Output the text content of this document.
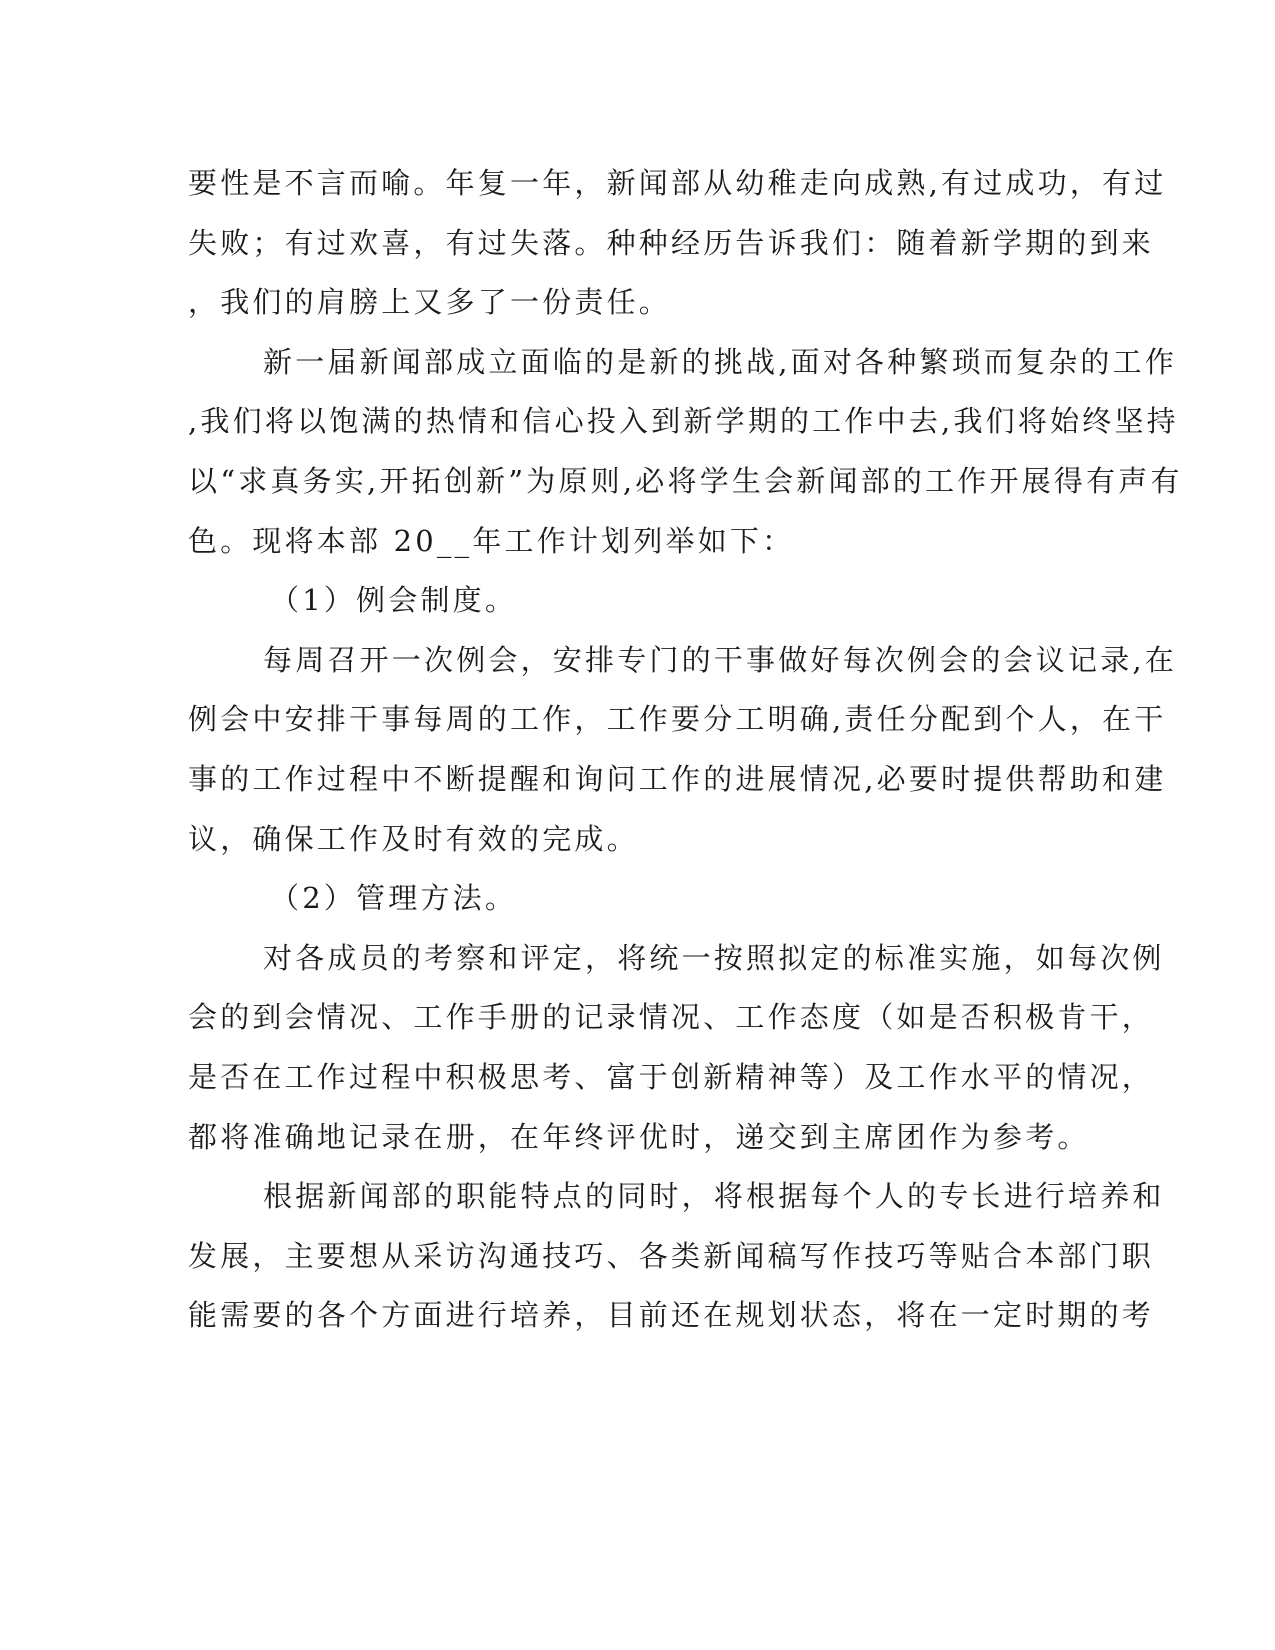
要性是不言而喻。年复一年，新闻部从幼稚走向成熟,有过成功，有过
失败；有过欢喜，有过失落。种种经历告诉我们：随着新学期的到来
，我们的肩膀上又多了一份责任。
新一届新闻部成立面临的是新的挑战,面对各种繁琐而复杂的工作
,我们将以饱满的热情和信心投入到新学期的工作中去,我们将始终坚持
以“求真务实,开拓创新”为原则,必将学生会新闻部的工作开展得有声有
色。现将本部 20__年工作计划列举如下：
（1）例会制度。
每周召开一次例会，安排专门的干事做好每次例会的会议记录,在
例会中安排干事每周的工作，工作要分工明确,责任分配到个人，在干
事的工作过程中不断提醒和询问工作的进展情况,必要时提供帮助和建
议，确保工作及时有效的完成。
（2）管理方法。
对各成员的考察和评定，将统一按照拟定的标准实施，如每次例
会的到会情况、工作手册的记录情况、工作态度（如是否积极肯干，
是否在工作过程中积极思考、富于创新精神等）及工作水平的情况，
都将准确地记录在册，在年终评优时，递交到主席团作为参考。
根据新闻部的职能特点的同时，将根据每个人的专长进行培养和
发展，主要想从采访沟通技巧、各类新闻稿写作技巧等贴合本部门职
能需要的各个方面进行培养，目前还在规划状态，将在一定时期的考
